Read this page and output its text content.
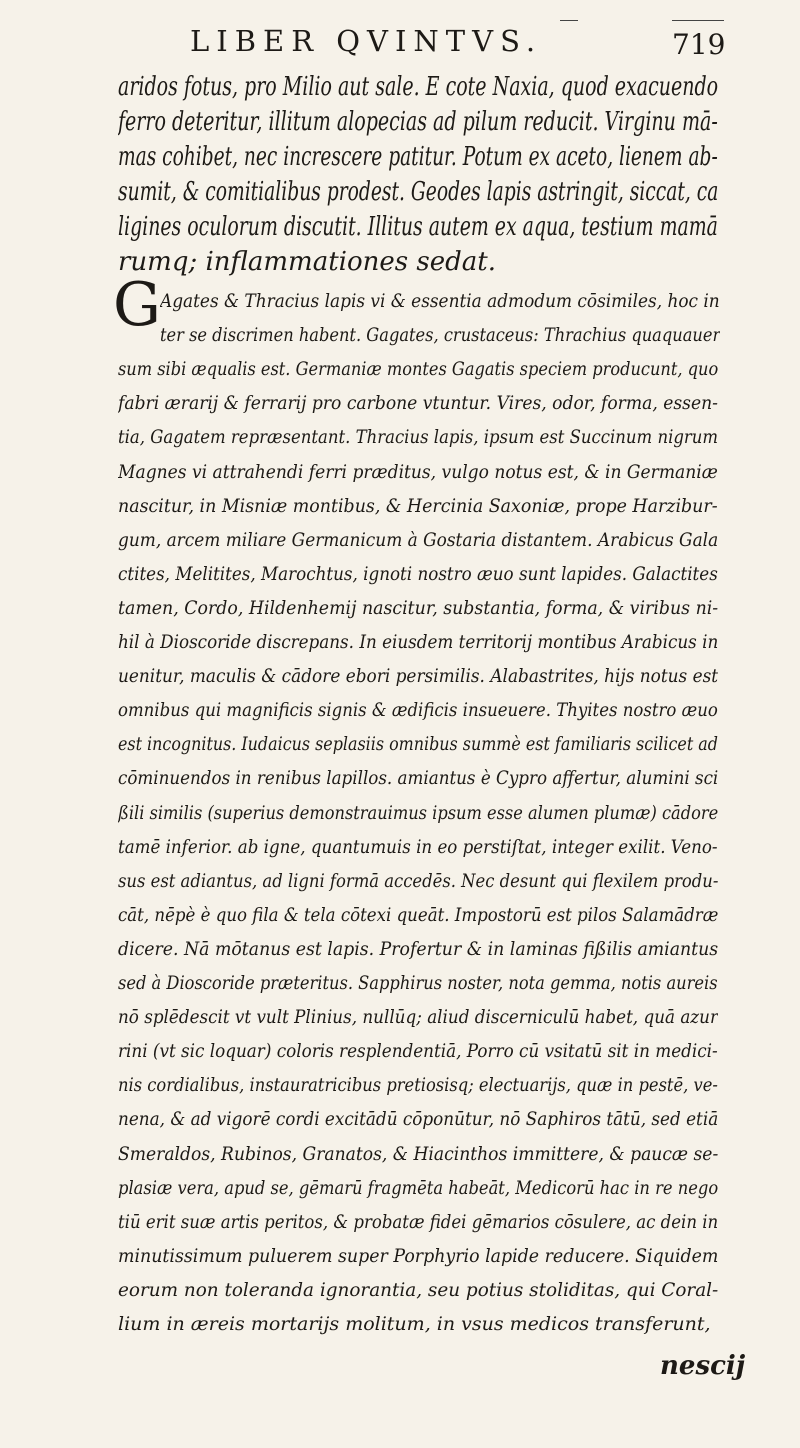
LIBER QVINTVS.	719
aridos fotus, pro Milio aut sale. E cote Naxia, quod exacuendo
ferro deteritur, illitum alopecias ad pilum reducit. Virginu mā-
mas cohibet, nec increscere patitur. Potum ex aceto, lienem ab-
sumit, & comitialibus prodest. Geodes lapis astringit, siccat, ca
ligines oculorum discutit. Illitus autem ex aqua, testium mamā
rumq; inflammationes sedat.
G Agates & Thracius lapis vi & essentia admodum cōsimiles, hoc in
ter se discrimen habent. Gagates, crustaceus: Thrachius quaquauer
sum sibi æqualis est. Germaniæ montes Gagatis speciem producunt, quo
fabri ærarij & ferrarij pro carbone vtuntur. Vires, odor, forma, essen-
tia, Gagatem repræsentant. Thracius lapis, ipsum est Succinum nigrum
Magnes vi attrahendi ferri præditus, vulgo notus est, & in Germaniæ
nascitur, in Misniæ montibus, & Hercinia Saxoniæ, prope Harzibur-
gum, arcem miliare Germanicum à Gostaria distantem. Arabicus Gala
ctites, Melitites, Marochtus, ignoti nostro æuo sunt lapides. Galactites
tamen, Cordo, Hildenhemij nascitur, substantia, forma, & viribus ni-
hil à Dioscoride discrepans. In eiusdem territorij montibus Arabicus in
uenitur, maculis & cādore ebori persimilis. Alabastrites, hijs notus est
omnibus qui magnificis signis & ædificis insueuere. Thyites nostro æuo
est incognitus. Iudaicus seplasiis omnibus summè est familiaris scilicet ad
cōminuendos in renibus lapillos. amiantus è Cypro affertur, alumini sci
ßili similis (superius demonstrauimus ipsum esse alumen plumæ) cādore
tamē inferior. ab igne, quantumuis in eo perstiſtat, integer exilit. Veno-
sus est adiantus, ad ligni formā accedēs. Nec desunt qui flexilem produ-
cāt, nēpè è quo fila & tela cōtexi queāt. Impostorū est pilos Salamādræ
dicere. Nā mōtanus est lapis. Profertur & in laminas fißilis amiantus
sed à Dioscoride præteritus. Sapphirus noster, nota gemma, notis aureis
nō splēdescit vt vult Plinius, nullūq; aliud discerniculū habet, quā azur
rini (vt sic loquar) coloris resplendentiā, Porro cū vsitatū sit in medici-
nis cordialibus, instauratricibus pretiosisq; electuarijs, quæ in pestē, ve-
nena, & ad vigorē cordi excitādū cōponūtur, nō Saphiros tātū, sed etiā
Smeraldos, Rubinos, Granatos, & Hiacinthos immittere, & paucæ se-
plasiæ vera, apud se, gēmarū fragmēta habeāt, Medicorū hac in re nego
tiū erit suæ artis peritos, & probatæ fidei gēmarios cōsulere, ac dein in
minutissimum puluerem super Porphyrio lapide reducere. Siquidem
eorum non toleranda ignorantia, seu potius stoliditas, qui Coral-
lium in æreis mortarijs molitum, in vsus medicos transferunt,
nescij
